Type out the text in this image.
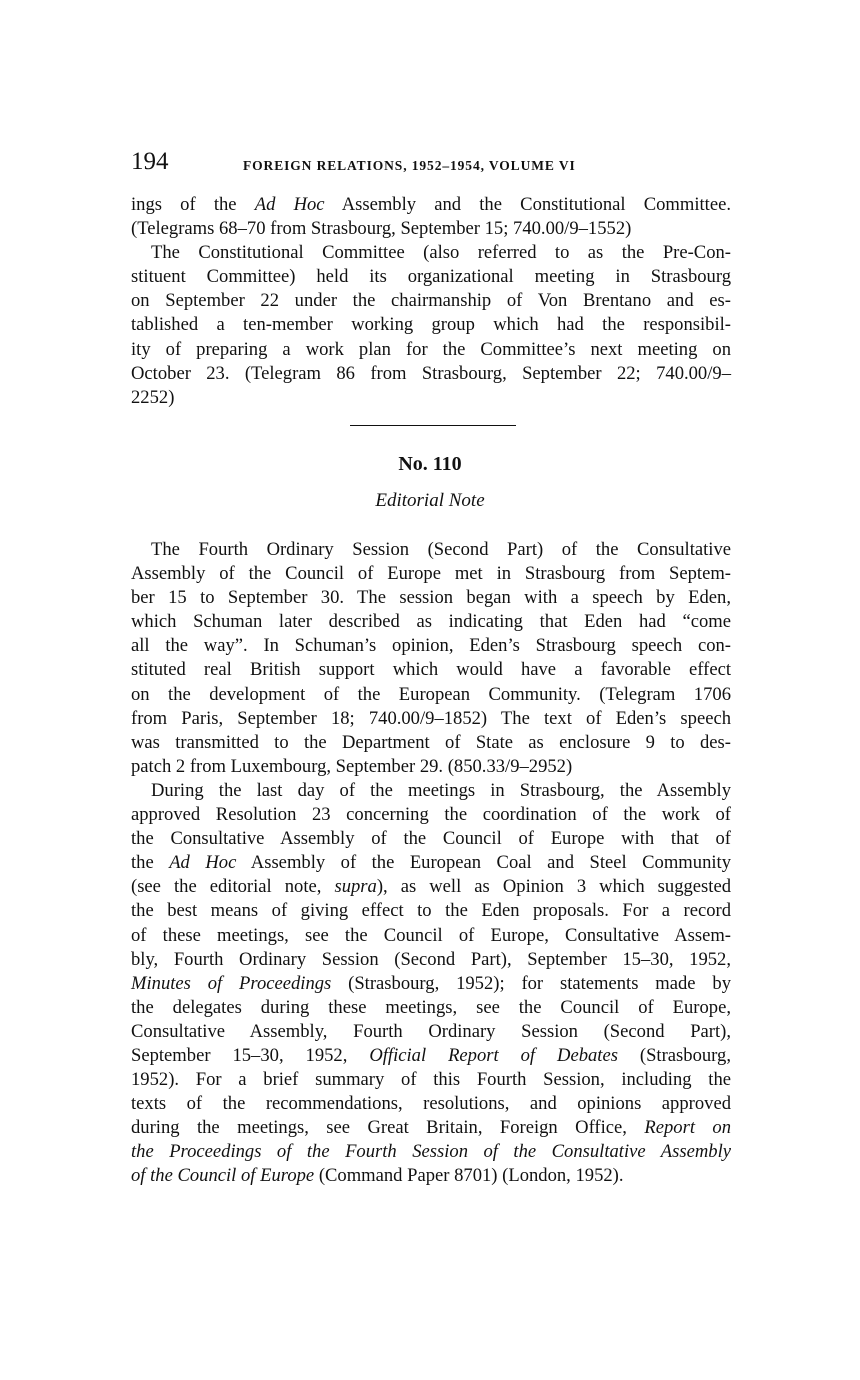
194	FOREIGN RELATIONS, 1952–1954, VOLUME VI
ings of the Ad Hoc Assembly and the Constitutional Committee.
(Telegrams 68–70 from Strasbourg, September 15; 740.00/9–1552)
The Constitutional Committee (also referred to as the Pre-Con-
stituent Committee) held its organizational meeting in Strasbourg
on September 22 under the chairmanship of Von Brentano and es-
tablished a ten-member working group which had the responsibil-
ity of preparing a work plan for the Committee’s next meeting on
October 23. (Telegram 86 from Strasbourg, September 22; 740.00/9–
2252)
No. 110
Editorial Note
The Fourth Ordinary Session (Second Part) of the Consultative
Assembly of the Council of Europe met in Strasbourg from Septem-
ber 15 to September 30. The session began with a speech by Eden,
which Schuman later described as indicating that Eden had “come
all the way”. In Schuman’s opinion, Eden’s Strasbourg speech con-
stituted real British support which would have a favorable effect
on the development of the European Community. (Telegram 1706
from Paris, September 18; 740.00/9–1852) The text of Eden’s speech
was transmitted to the Department of State as enclosure 9 to des-
patch 2 from Luxembourg, September 29. (850.33/9–2952)
During the last day of the meetings in Strasbourg, the Assembly
approved Resolution 23 concerning the coordination of the work of
the Consultative Assembly of the Council of Europe with that of
the Ad Hoc Assembly of the European Coal and Steel Community
(see the editorial note, supra), as well as Opinion 3 which suggested
the best means of giving effect to the Eden proposals. For a record
of these meetings, see the Council of Europe, Consultative Assem-
bly, Fourth Ordinary Session (Second Part), September 15–30, 1952,
Minutes of Proceedings (Strasbourg, 1952); for statements made by
the delegates during these meetings, see the Council of Europe,
Consultative Assembly, Fourth Ordinary Session (Second Part),
September 15–30, 1952, Official Report of Debates (Strasbourg,
1952). For a brief summary of this Fourth Session, including the
texts of the recommendations, resolutions, and opinions approved
during the meetings, see Great Britain, Foreign Office, Report on
the Proceedings of the Fourth Session of the Consultative Assembly
of the Council of Europe (Command Paper 8701) (London, 1952).
